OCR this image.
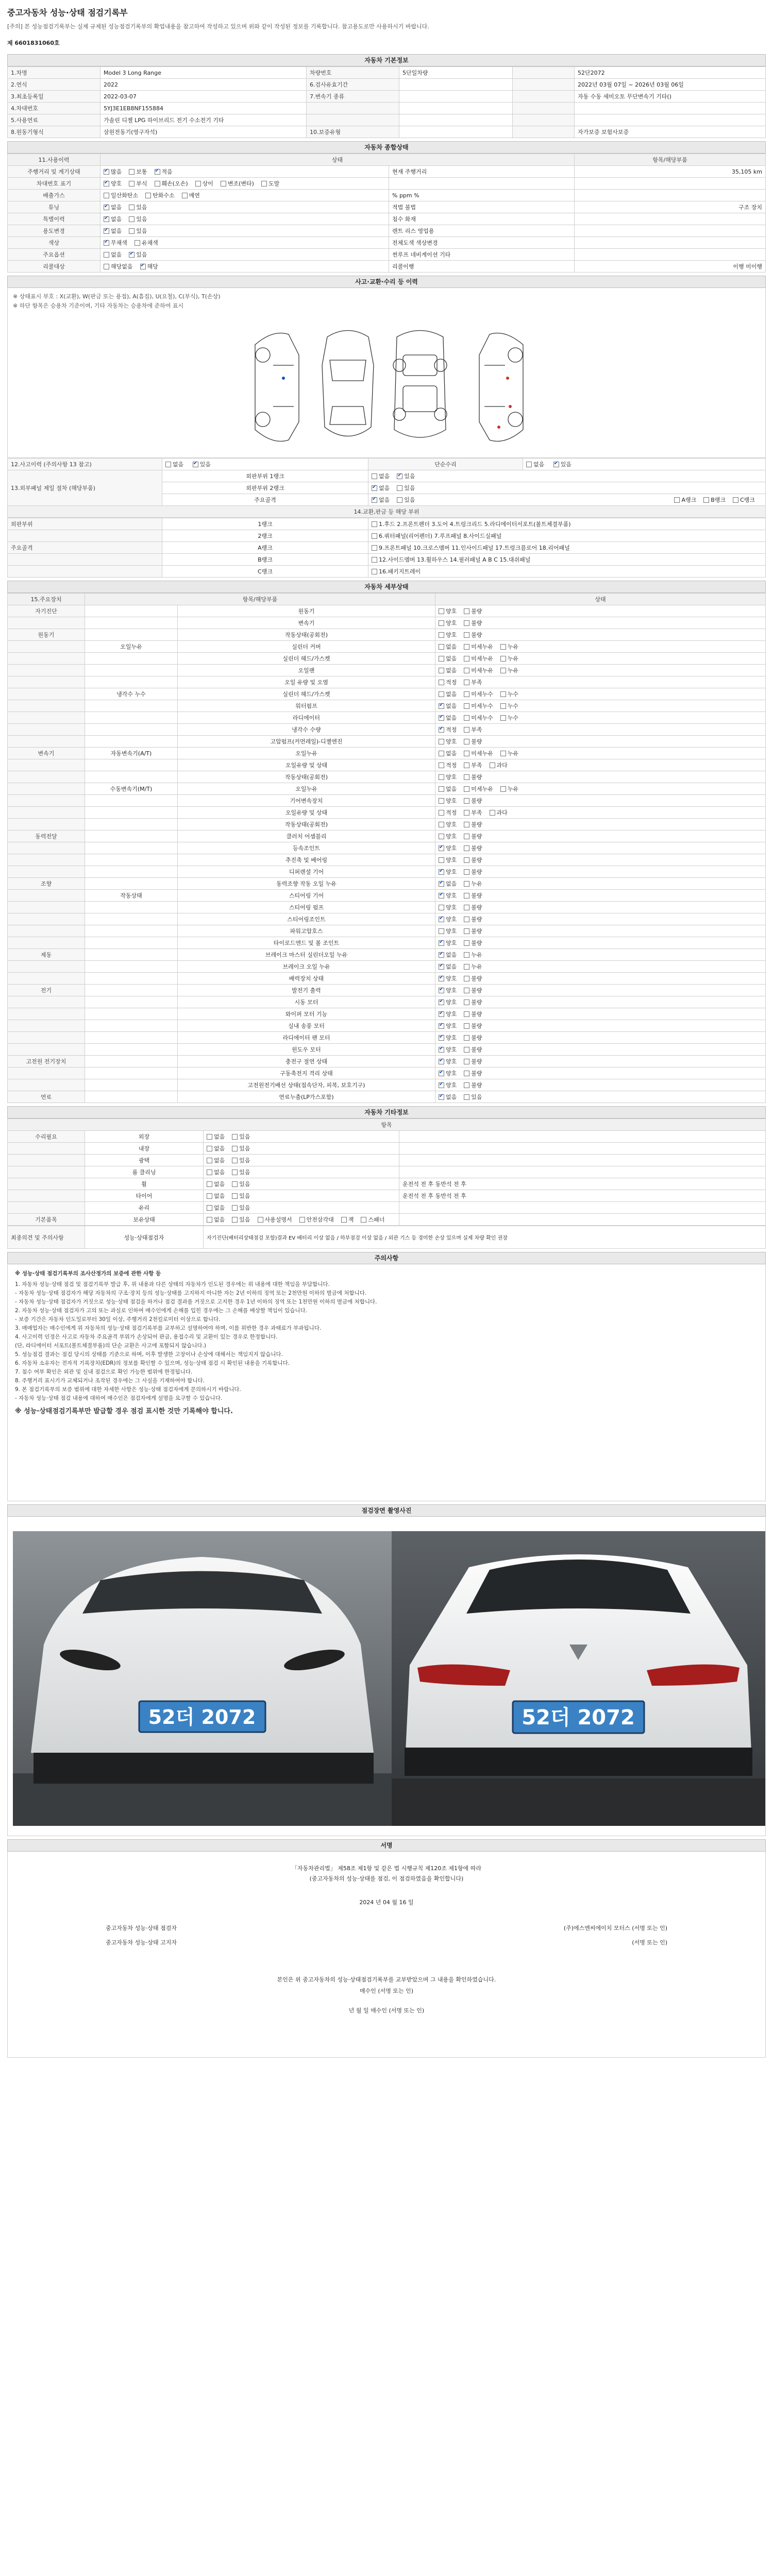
중고자동차 성능·상태 점검기록부
[주의] 본 성능점검기록부는 실제 규제된 성능점검기록부의 확업내용을 참고하여 작성하고 있으며 위와 같이 작성된 정보를 기록합니다. 참고용도로만 사용하시기 바랍니다.
제 6601831060호
자동차 기본정보
1.차명	Model 3 Long Range	차량번호	5단일차량		52단2072
2.연식	2022	6.검사유효기간			2022년 03월 07일 ~ 2026년 03월 06일
3.최초등록일	2022-03-07	7.변속기 종류			자동 수동 세미오토 무단변속기 기타()
4.차대번호	5YJ3E1EB8NF155884				
5.사용연료	가솔린 디젤 LPG 하이브리드 전기 수소전기 기타				
8.원동기형식	삼원전동기(영구자석)	10.보증유형			자가보증 보험사보증
자동차 종합상태
11.사용이력	상태		항목/해당부품
주행거리 및 계기상태	✔많음 보통 ✔ 적음	현재 주행거리	35,105 km
차대번호 표기	✔양호 부식 훼손(오손) 상이 변조(변타) 도말		
배출가스	일산화탄소 탄화수소 매연	% ppm %	
튜닝	✔없음 있음	적법 불법	구조 장치
특별이력	✔없음 있음	침수 화재	
용도변경	✔없음 있음	렌트 리스 영업용	
색상	✔무채색 유채색	전체도색 색상변경	
주요옵션	없음 ✔ 있음	썬루프 네비게이션 기타	
리콜대상	해당없음 ✔ 해당	리콜이행	이행 미이행
사고·교환·수리 등 이력
※ 상태표시 부호 : X(교환), W(판금 또는 용접), A(흠집), U(요철), C(부식), T(손상)
※ 하단 항목은 승용차 기준이며, 기타 자동차는 승용차에 준하여 표시
12.사고이력 (주의사항 13 참고)	없음 ✔ 있음	단순수리	없음 ✔ 있음
13.외부패널 제일 절차 (해당부품)	외판부위 1랭크	없음 ✔ 있음
	외판부위 2랭크	✔없음 있음
	주요골격	✔없음 있음 A랭크 B랭크 C랭크

14.교환,판금 등 해당 부위			
외판부위	1랭크	1.후드 2.프론트펜더 3.도어 4.트렁크리드 5.라디에이터서포트(볼트체결부품)
	2랭크	6.쿼터패널(리어펜더) 7.루프패널 8.사이드실패널
주요골격	A랭크	9.프론트패널 10.크로스멤버 11.인사이드패널 17.트렁크플로어 18.리어패널
	B랭크	12.사이드멤버 13.휠하우스 14.필러패널 A B C 15.대쉬패널
	C랭크	16.패키지트레이
자동차 세부상태
15.주요장치	항목/해당부품		상태
자기진단		원동기	양호 불량
		변속기	양호 불량
원동기		작동상태(공회전)	양호 불량
	오일누유	실린더 커버	없음 미세누유 누유
		실린더 헤드/가스켓	없음 미세누유 누유
		오일팬	없음 미세누유 누유
		오일 유량 및 오염	적정 부족
	냉각수 누수	실린더 헤드/가스켓	없음 미세누수 누수
		워터펌프	✔없음 미세누수 누수
		라디에이터	✔없음 미세누수 누수
		냉각수 수량	✔적정 부족
		고압펌프(커먼레일)-디젤엔진	양호 불량
변속기	자동변속기(A/T)	오일누유	없음 미세누유 누유
		오일유량 및 상태	적정 부족 과다
		작동상태(공회전)	양호 불량
	수동변속기(M/T)	오일누유	없음 미세누유 누유
		기어변속장치	양호 불량
		오일유량 및 상태	적정 부족 과다
		작동상태(공회전)	양호 불량
동력전달		클러치 어셈블리	양호 불량
		등속조인트	✔양호 불량
		추진축 및 베어링	양호 불량
		디퍼렌셜 기어	✔양호 불량
조향		동력조향 작동 오일 누유	✔없음 누유
	작동상태	스티어링 기어	✔양호 불량
		스티어링 펌프	양호 불량
		스티어링조인트	✔양호 불량
		파워고압호스	양호 불량
		타이로드엔드 및 볼 조인트	✔양호 불량
제동		브레이크 마스터 실린더오일 누유	✔없음 누유
		브레이크 오일 누유	✔없음 누유
		배력장치 상태	✔양호 불량
전기		발전기 출력	✔양호 불량
		시동 모터	✔양호 불량
		와이퍼 모터 기능	✔양호 불량
		실내 송풍 모터	✔양호 불량
		라디에이터 팬 모터	✔양호 불량
		윈도우 모터	✔양호 불량
고전원 전기장치		충전구 절연 상태	✔양호 불량
		구동축전지 격리 상태	✔양호 불량
		고전원전기배선 상태(접속단자, 피복, 보호기구)	✔양호 불량
연료		연료누출(LP가스포함)	✔없음 있음
자동차 기타정보
항목			
수리필요	외장	없음 있음	
	내장	없음 있음	
	광택	없음 있음	
	룸 클리닝	없음 있음	
	휠	없음 있음	운전석 전 후 동반석 전 후
	타이어	없음 있음	운전석 전 후 동반석 전 후
	유리	없음 있음	
기본품목	보유상태	없음 있음 사용설명서 안전삼각대 잭 스패너	
최종의견 및 주의사항	성능·상태점검자	자기진단(배터리상태점검 포함)결과 EV 배터리 이상 없음 / 하부점검 이상 없음 / 외관 기스 등 경미한 손상 있으며 실제 차량 확인 권장
주의사항
※ 성능·상태 점검기록부의 조사산정가의 보증에 관한 사항 등
1. 자동차 성능·상태 점검 및 점검기록부 발급 후, 위 내용과 다른 상태의 자동차가 인도된 경우에는 위 내용에 대한 책임을 부담합니다.
- 자동차 성능·상태 점검자가 해당 자동차의 구조·장치 등의 성능·상태를 고지하지 아니한 자는 2년 이하의 징역 또는 2천만원 이하의 벌금에 처합니다.
- 자동차 성능·상태 점검자가 거짓으로 성능·상태 점검을 하거나 점검 결과를 거짓으로 고지한 경우 1년 이하의 징역 또는 1천만원 이하의 벌금에 처합니다.
2. 자동차 성능·상태 점검자가 고의 또는 과실로 인하여 매수인에게 손해를 입힌 경우에는 그 손해를 배상할 책임이 있습니다.
- 보증 기간은 자동차 인도일로부터 30일 이상, 주행거리 2천킬로미터 이상으로 합니다.
3. 매매업자는 매수인에게 위 자동차의 성능·상태 점검기록부를 교부하고 설명하여야 하며, 이를 위반한 경우 과태료가 부과됩니다.
4. 사고이력 인정은 사고로 자동차 주요골격 부위가 손상되어 판금, 용접수리 및 교환이 있는 경우로 한정합니다.
(단, 라디에이터 서포트(볼트체결부품)의 단순 교환은 사고에 포함되지 않습니다.)
5. 성능점검 결과는 점검 당시의 상태를 기준으로 하며, 이후 발생한 고장이나 손상에 대해서는 책임지지 않습니다.
6. 자동차 소유자는 전자적 기록장치(EDR)의 정보를 확인할 수 있으며, 성능·상태 점검 시 확인된 내용을 기록합니다.
7. 침수 여부 확인은 외관 및 실내 점검으로 확인 가능한 범위에 한정됩니다.
8. 주행거리 표시기가 교체되거나 조작된 경우에는 그 사실을 기재하여야 합니다.
9. 본 점검기록부의 보증 범위에 대한 자세한 사항은 성능·상태 점검자에게 문의하시기 바랍니다.
- 자동차 성능·상태 점검 내용에 대하여 매수인은 점검자에게 설명을 요구할 수 있습니다.
※ 성능·상태점검기록부만 발급할 경우 점검 표시한 것만 기록해야 합니다.
점검장면 촬영사진
52더 2072	52더 2072
서명
「자동차관리법」 제58조 제1항 및 같은 법 시행규칙 제120조 제1항에 따라
(중고자동차의 성능·상태를 점검, 이 점검하였음을 확인합니다)
2024 년 04 월 16 일
중고자동차 성능·상태 점검자	(주)에스엔씨에이치 모터스 (서명 또는 인)
중고자동차 성능·상태 고지자	(서명 또는 인)
본인은 위 중고자동차의 성능·상태점검기록부를 교부받았으며 그 내용을 확인하였습니다.
매수인 (서명 또는 인)
년 월 일 매수인 (서명 또는 인)
